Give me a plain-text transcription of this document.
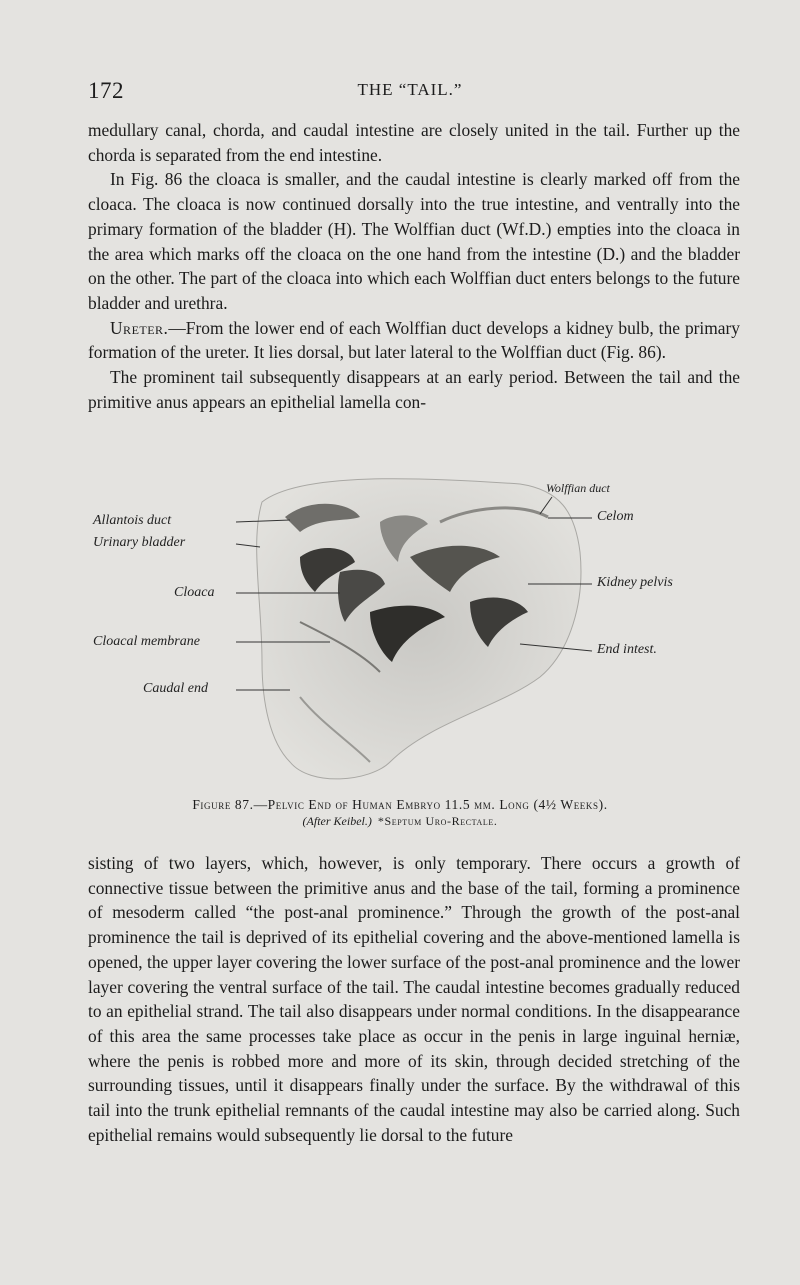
172	THE “TAIL.”

medullary canal, chorda, and caudal intestine are closely united in the tail. Further up the chorda is separated from the end intestine.

In Fig. 86 the cloaca is smaller, and the caudal intestine is clearly marked off from the cloaca. The cloaca is now continued dorsally into the true intestine, and ventrally into the primary formation of the bladder (H). The Wolffian duct (Wf.D.) empties into the cloaca in the area which marks off the cloaca on the one hand from the intestine (D.) and the bladder on the other. The part of the cloaca into which each Wolffian duct enters belongs to the future bladder and urethra.

Ureter.—From the lower end of each Wolffian duct develops a kidney bulb, the primary formation of the ureter. It lies dorsal, but later lateral to the Wolffian duct (Fig. 86).

The prominent tail subsequently disappears at an early period. Between the tail and the primitive anus appears an epithelial lamella con-

Allantois duct
Urinary bladder
Cloaca
Cloacal membrane
Caudal end
Wolffian duct
Celom
Kidney pelvis
End intest.
Figure 87.—Pelvic End of Human Embryo 11.5 mm. Long (4½ Weeks).
(After Keibel.) *Septum Uro-Rectale.

sisting of two layers, which, however, is only temporary. There occurs a growth of connective tissue between the primitive anus and the base of the tail, forming a prominence of mesoderm called “the post-anal prominence.” Through the growth of the post-anal prominence the tail is deprived of its epithelial covering and the above-mentioned lamella is opened, the upper layer covering the lower surface of the post-anal prominence and the lower layer covering the ventral surface of the tail. The caudal intestine becomes gradually reduced to an epithelial strand. The tail also disappears under normal conditions. In the disappearance of this area the same processes take place as occur in the penis in large inguinal herniæ, where the penis is robbed more and more of its skin, through decided stretching of the surrounding tissues, until it disappears finally under the surface. By the withdrawal of this tail into the trunk epithelial remnants of the caudal intestine may also be carried along. Such epithelial remains would subsequently lie dorsal to the future
